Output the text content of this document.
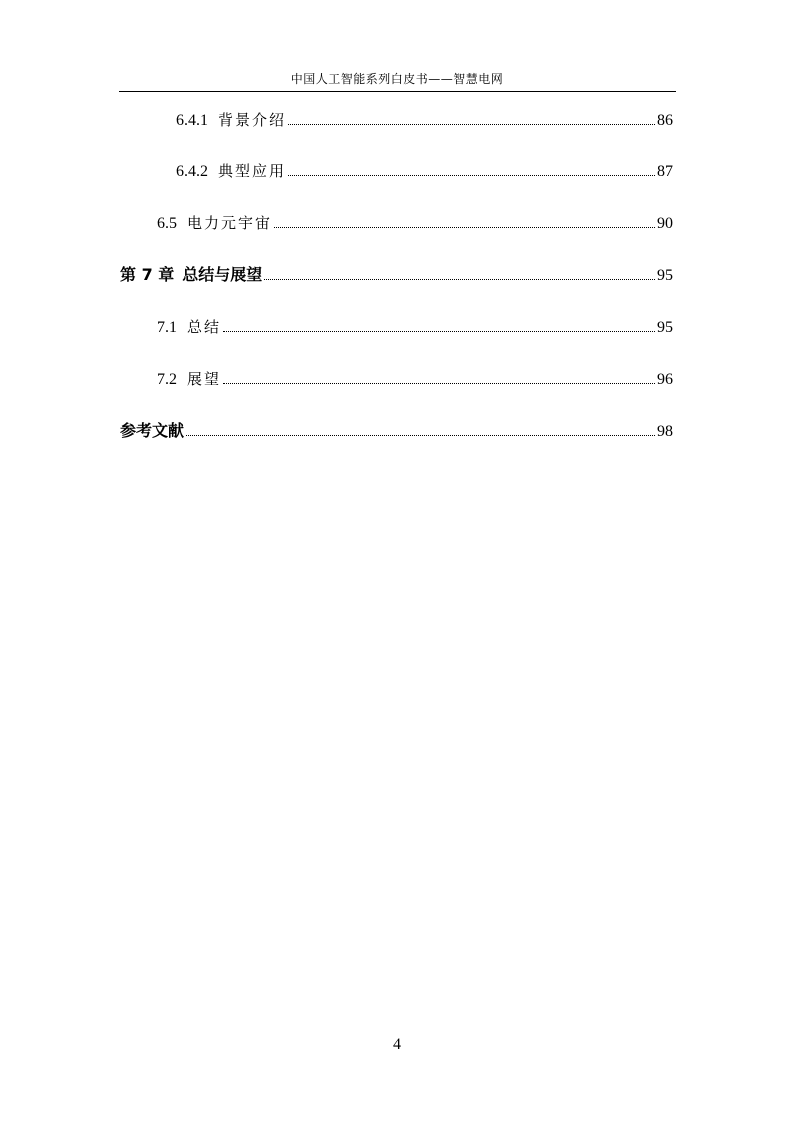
中国人工智能系列白皮书——智慧电网
6.4.1 背景介绍	86
6.4.2 典型应用	87
6.5 电力元宇宙	90
第 7 章 总结与展望	95
7.1 总结	95
7.2 展望	96
参考文献	98
4
